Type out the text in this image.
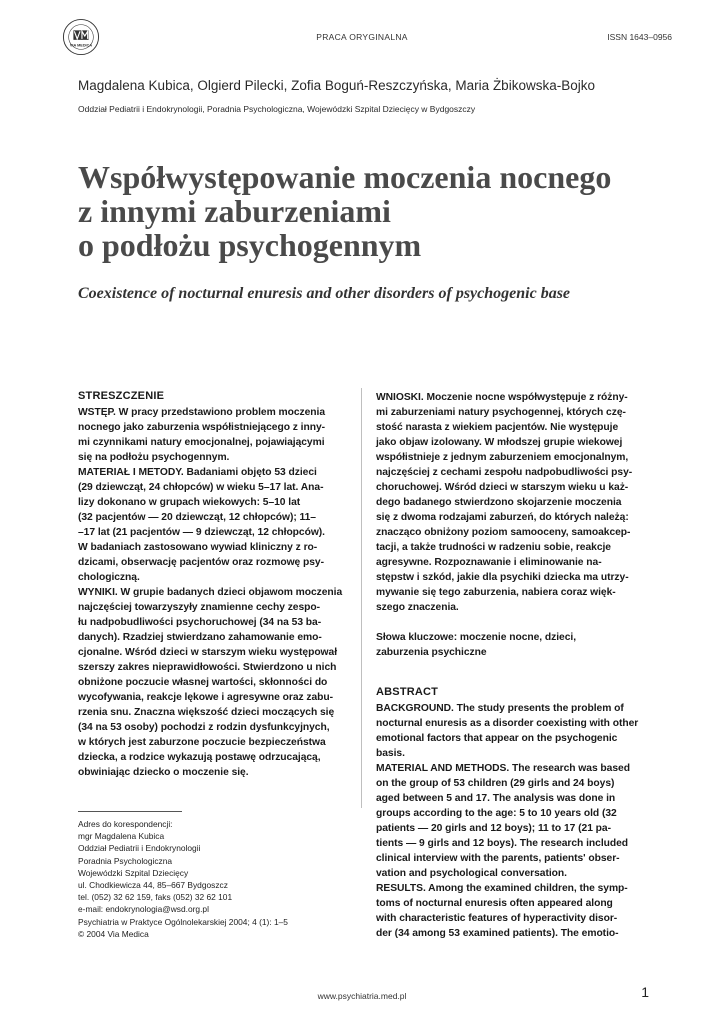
VIA MEDICA
PRACA ORYGINALNA	ISSN 1643–0956
Magdalena Kubica, Olgierd Pilecki, Zofia Boguń-Reszczyńska, Maria Żbikowska-Bojko
Oddział Pediatrii i Endokrynologii, Poradnia Psychologiczna, Wojewódzki Szpital Dziecięcy w Bydgoszczy
Współwystępowanie moczenia nocnego
z innymi zaburzeniami
o podłożu psychogennym
Coexistence of nocturnal enuresis and other disorders of psychogenic base
STRESZCZENIE
WSTĘP. W pracy przedstawiono problem moczenia
nocnego jako zaburzenia współistniejącego z inny-
mi czynnikami natury emocjonalnej, pojawiającymi
się na podłożu psychogennym.
MATERIAŁ I METODY. Badaniami objęto 53 dzieci
(29 dziewcząt, 24 chłopców) w wieku 5–17 lat. Ana-
lizy dokonano w grupach wiekowych: 5–10 lat
(32 pacjentów — 20 dziewcząt, 12 chłopców); 11–
–17 lat (21 pacjentów — 9 dziewcząt, 12 chłopców).
W badaniach zastosowano wywiad kliniczny z ro-
dzicami, obserwację pacjentów oraz rozmowę psy-
chologiczną.
WYNIKI. W grupie badanych dzieci objawom moczenia
najczęściej towarzyszyły znamienne cechy zespo-
łu nadpobudliwości psychoruchowej (34 na 53 ba-
danych). Rzadziej stwierdzano zahamowanie emo-
cjonalne. Wśród dzieci w starszym wieku występował
szerszy zakres nieprawidłowości. Stwierdzono u nich
obniżone poczucie własnej wartości, skłonności do
wycofywania, reakcje lękowe i agresywne oraz zabu-
rzenia snu. Znaczna większość dzieci moczących się
(34 na 53 osoby) pochodzi z rodzin dysfunkcyjnych,
w których jest zaburzone poczucie bezpieczeństwa
dziecka, a rodzice wykazują postawę odrzucającą,
obwiniając dziecko o moczenie się.
WNIOSKI. Moczenie nocne współwystępuje z różny-
mi zaburzeniami natury psychogennej, których czę-
stość narasta z wiekiem pacjentów. Nie występuje
jako objaw izolowany. W młodszej grupie wiekowej
współistnieje z jednym zaburzeniem emocjonalnym,
najczęściej z cechami zespołu nadpobudliwości psy-
choruchowej. Wśród dzieci w starszym wieku u każ-
dego badanego stwierdzono skojarzenie moczenia
się z dwoma rodzajami zaburzeń, do których należą:
znacząco obniżony poziom samooceny, samoakcep-
tacji, a także trudności w radzeniu sobie, reakcje
agresywne. Rozpoznawanie i eliminowanie na-
stępstw i szkód, jakie dla psychiki dziecka ma utrzy-
mywanie się tego zaburzenia, nabiera coraz więk-
szego znaczenia.
Słowa kluczowe: moczenie nocne, dzieci,
zaburzenia psychiczne
ABSTRACT
BACKGROUND. The study presents the problem of
nocturnal enuresis as a disorder coexisting with other
emotional factors that appear on the psychogenic
basis.
MATERIAL AND METHODS. The research was based
on the group of 53 children (29 girls and 24 boys)
aged between 5 and 17. The analysis was done in
groups according to the age: 5 to 10 years old (32
patients — 20 girls and 12 boys); 11 to 17 (21 pa-
tients — 9 girls and 12 boys). The research included
clinical interview with the parents, patients' obser-
vation and psychological conversation.
RESULTS. Among the examined children, the symp-
toms of nocturnal enuresis often appeared along
with characteristic features of hyperactivity disor-
der (34 among 53 examined patients). The emotio-
Adres do korespondencji:
mgr Magdalena Kubica
Oddział Pediatrii i Endokrynologii
Poradnia Psychologiczna
Wojewódzki Szpital Dziecięcy
ul. Chodkiewicza 44, 85–667 Bydgoszcz
tel. (052) 32 62 159, faks (052) 32 62 101
e-mail: endokrynologia@wsd.org.pl
Psychiatria w Praktyce Ogólnolekarskiej 2004; 4 (1): 1–5
© 2004 Via Medica
www.psychiatria.med.pl	1
